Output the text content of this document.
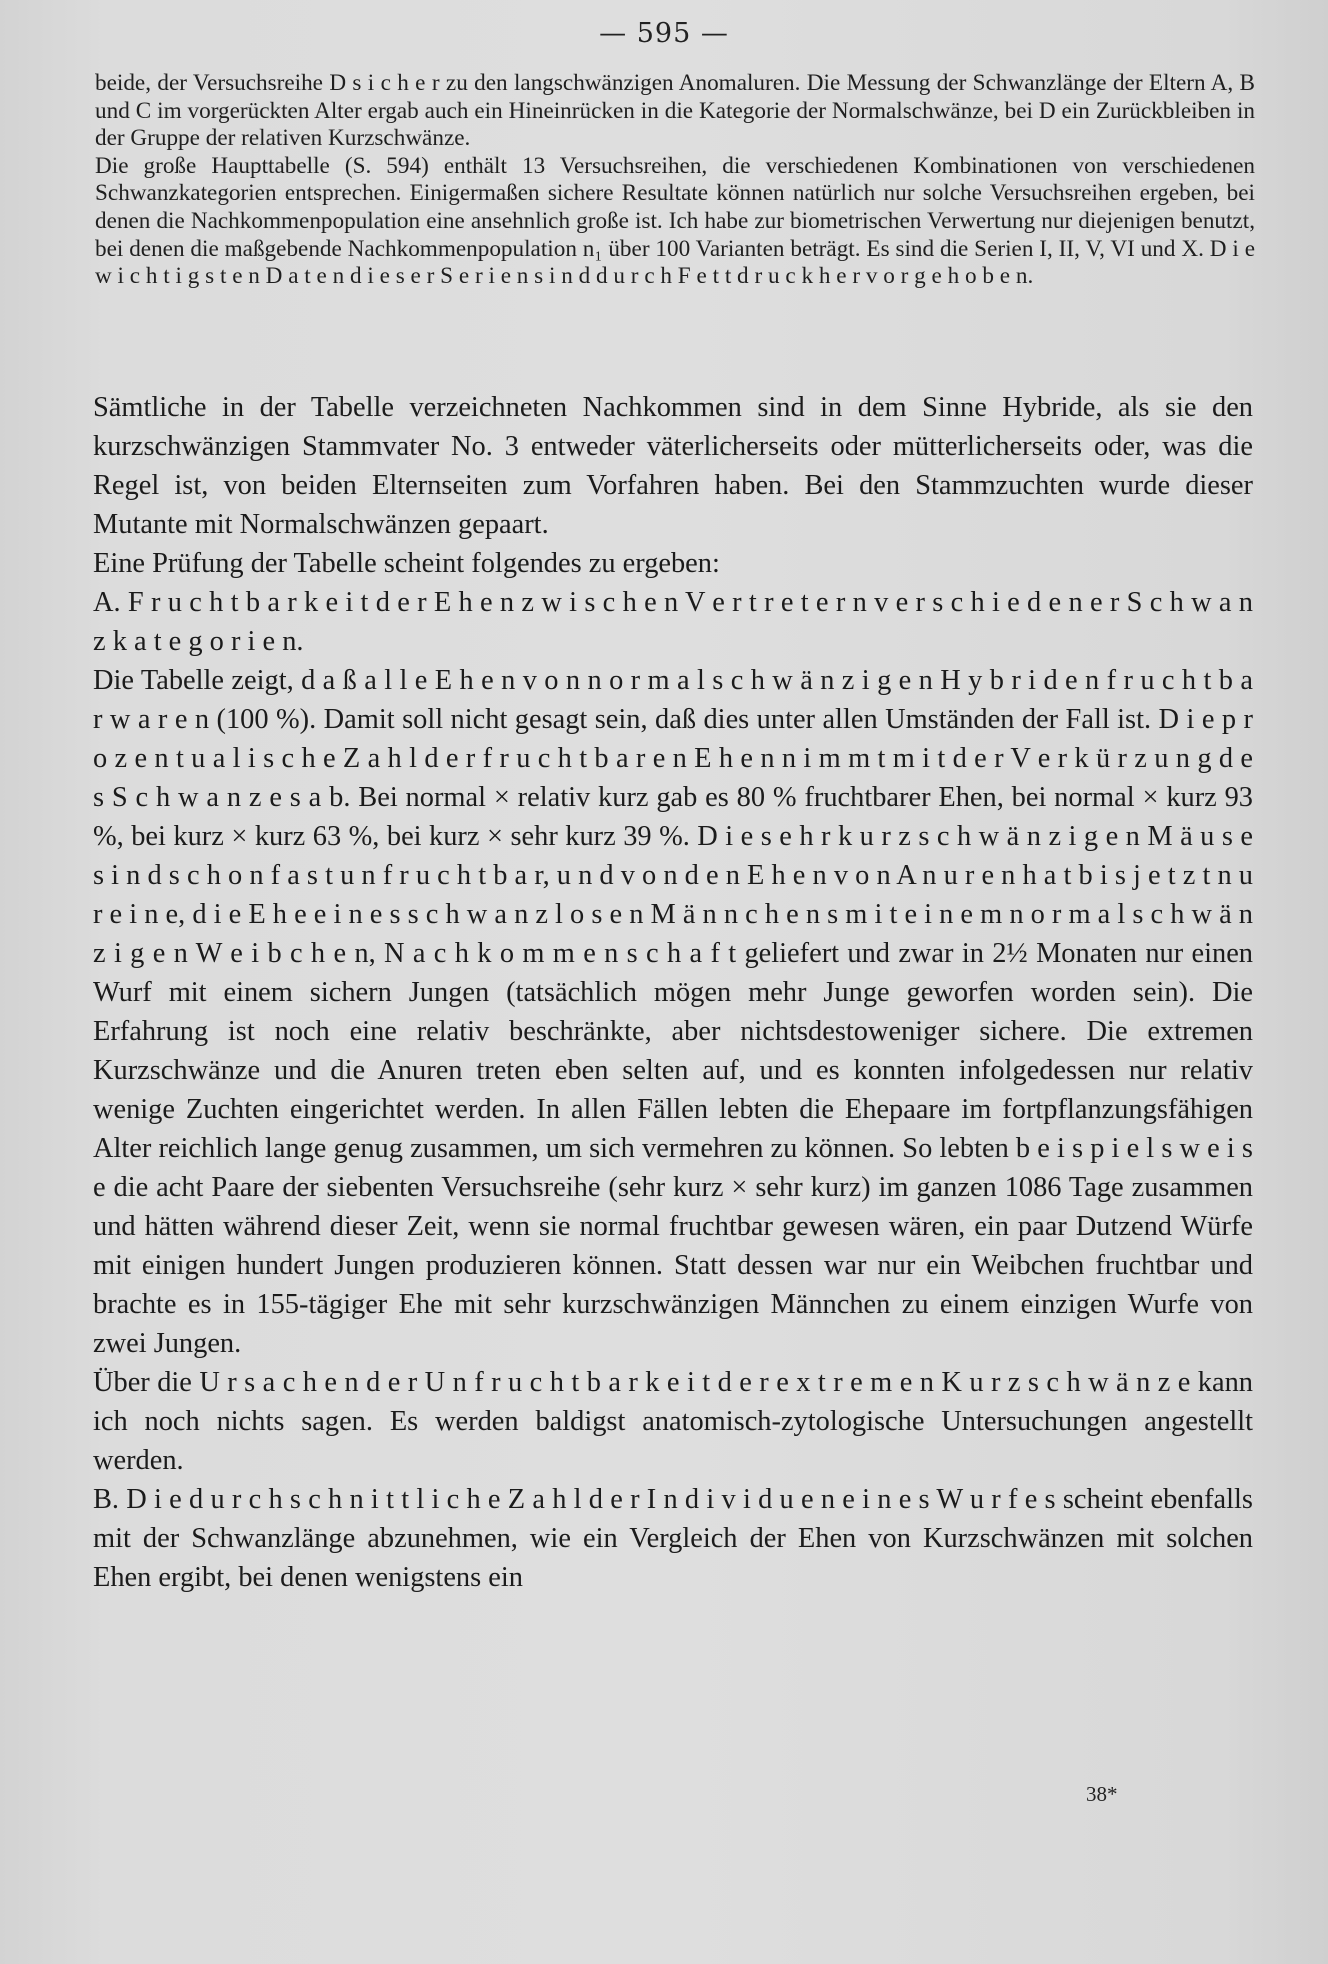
— 595 —

beide, der Versuchsreihe D s i c h e r zu den langschwänzigen Anomaluren. Die Messung der Schwanzlänge der Eltern A, B und C im vorgerückten Alter ergab auch ein Hineinrücken in die Kategorie der Normalschwänze, bei D ein Zurückbleiben in der Gruppe der relativen Kurzschwänze.

Die große Haupttabelle (S. 594) enthält 13 Versuchsreihen, die verschiedenen Kombinationen von verschiedenen Schwanzkategorien entsprechen. Einigermaßen sichere Resultate können natürlich nur solche Versuchsreihen ergeben, bei denen die Nachkommenpopulation eine ansehnlich große ist. Ich habe zur biometrischen Verwertung nur diejenigen benutzt, bei denen die maßgebende Nachkommenpopulation n₁ über 100 Varianten beträgt. Es sind die Serien I, II, V, VI und X. D i e w i c h t i g s t e n D a t e n d i e s e r S e r i e n s i n d d u r c h F e t t d r u c k h e r v o r g e h o b e n.

Sämtliche in der Tabelle verzeichneten Nachkommen sind in dem Sinne Hybride, als sie den kurzschwänzigen Stammvater No. 3 entweder väterlicherseits oder mütterlicherseits oder, was die Regel ist, von beiden Elternseiten zum Vorfahren haben. Bei den Stammzuchten wurde dieser Mutante mit Normalschwänzen gepaart.

Eine Prüfung der Tabelle scheint folgendes zu ergeben:

A. F r u c h t b a r k e i t d e r E h e n z w i s c h e n V e r t r e t e r n v e r s c h i e d e n e r S c h w a n z k a t e g o r i e n.

Die Tabelle zeigt, d a ß a l l e E h e n v o n n o r m a l s c h w ä n z i g e n H y b r i d e n f r u c h t b a r w a r e n (100 %). Damit soll nicht gesagt sein, daß dies unter allen Umständen der Fall ist. D i e p r o z e n t u a l i s c h e Z a h l d e r f r u c h t b a r e n E h e n n i m m t m i t d e r V e r k ü r z u n g d e s S c h w a n z e s a b. Bei normal × relativ kurz gab es 80 % fruchtbarer Ehen, bei normal × kurz 93 %, bei kurz × kurz 63 %, bei kurz × sehr kurz 39 %. D i e s e h r k u r z s c h w ä n z i g e n M ä u s e s i n d s c h o n f a s t u n f r u c h t b a r, u n d v o n d e n E h e n v o n A n u r e n h a t b i s j e t z t n u r e i n e, d i e E h e e i n e s s c h w a n z l o s e n M ä n n c h e n s m i t e i n e m n o r m a l s c h w ä n z i g e n W e i b c h e n, N a c h k o m m e n s c h a f t geliefert und zwar in 2½ Monaten nur einen Wurf mit einem sichern Jungen (tatsächlich mögen mehr Junge geworfen worden sein). Die Erfahrung ist noch eine relativ beschränkte, aber nichtsdestoweniger sichere. Die extremen Kurzschwänze und die Anuren treten eben selten auf, und es konnten infolgedessen nur relativ wenige Zuchten eingerichtet werden. In allen Fällen lebten die Ehepaare im fortpflanzungsfähigen Alter reichlich lange genug zusammen, um sich vermehren zu können. So lebten b e i s p i e l s w e i s e die acht Paare der siebenten Versuchsreihe (sehr kurz × sehr kurz) im ganzen 1086 Tage zusammen und hätten während dieser Zeit, wenn sie normal fruchtbar gewesen wären, ein paar Dutzend Würfe mit einigen hundert Jungen produzieren können. Statt dessen war nur ein Weibchen fruchtbar und brachte es in 155-tägiger Ehe mit sehr kurzschwänzigen Männchen zu einem einzigen Wurfe von zwei Jungen.

Über die U r s a c h e n d e r U n f r u c h t b a r k e i t d e r e x t r e m e n K u r z s c h w ä n z e kann ich noch nichts sagen. Es werden baldigst anatomisch-zytologische Untersuchungen angestellt werden.

B. D i e d u r c h s c h n i t t l i c h e Z a h l d e r I n d i v i d u e n e i n e s W u r f e s scheint ebenfalls mit der Schwanzlänge abzunehmen, wie ein Vergleich der Ehen von Kurzschwänzen mit solchen Ehen ergibt, bei denen wenigstens ein

38*
